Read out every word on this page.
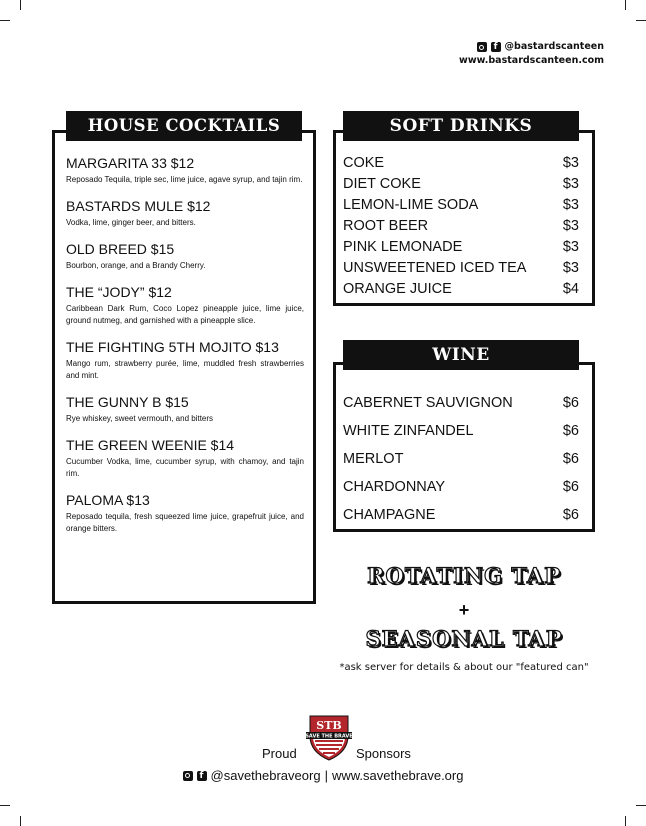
f @bastardscanteen
www.bastardscanteen.com
HOUSE COCKTAILS
MARGARITA 33 $12
Reposado Tequila, triple sec, lime juice, agave syrup, and tajin rim.
BASTARDS MULE $12
Vodka, lime, ginger beer, and bitters.
OLD BREED $15
Bourbon, orange, and a Brandy Cherry.
THE “JODY” $12
Caribbean Dark Rum, Coco Lopez pineapple juice, lime juice, ground nutmeg, and garnished with a pineapple slice.
THE FIGHTING 5TH MOJITO $13
Mango rum, strawberry purée, lime, muddled fresh strawberries and mint.
THE GUNNY B $15
Rye whiskey, sweet vermouth, and bitters
THE GREEN WEENIE $14
Cucumber Vodka, lime, cucumber syrup, with chamoy, and tajin rim.
PALOMA $13
Reposado tequila, fresh squeezed lime juice, grapefruit juice, and orange bitters.
SOFT DRINKS
COKE	$3
DIET COKE	$3
LEMON-LIME SODA	$3
ROOT BEER	$3
PINK LEMONADE	$3
UNSWEETENED ICED TEA	$3
ORANGE JUICE	$4
WINE
CABERNET SAUVIGNON	$6
WHITE ZINFANDEL	$6
MERLOT	$6
CHARDONNAY	$6
CHAMPAGNE	$6
ROTATING TAP
+
SEASONAL TAP
*ask server for details & about our "featured can"
Proud
STB
SAVE THE BRAVE
Sponsors
f @savethebraveorg | www.savethebrave.org
